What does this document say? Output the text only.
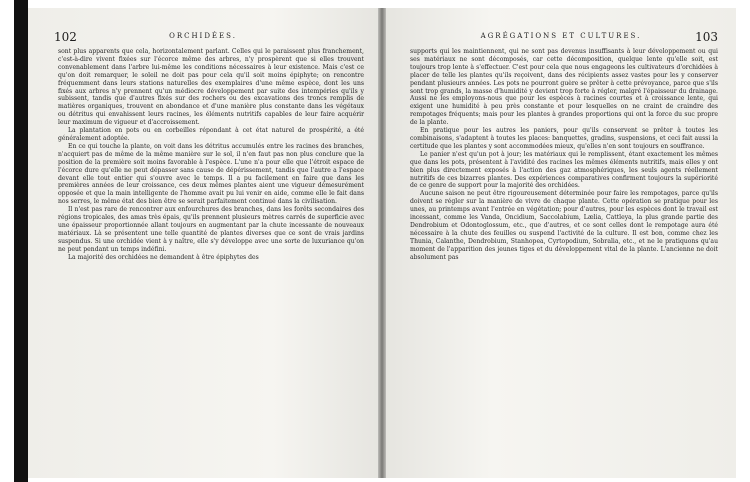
102	ORCHIDÉES.

sont plus apparents que cela, horizontalement parlant. Celles qui le paraissent plus franchement, c'est-à-dire vivent fixées sur l'écorce même des arbres, n'y prospèrent que si elles trouvent convenablement dans l'arbre lui-même les conditions nécessaires à leur existence. Mais c'est ce qu'on doit remarquer, le soleil ne doit pas pour cela qu'il soit moins épiphyte; on rencontre fréquemment dans leurs stations naturelles des exemplaires d'une même espèce, dont les uns fixés aux arbres n'y prennent qu'un médiocre développement par suite des intempéries qu'ils y subissent, tandis que d'autres fixés sur des rochers ou des excavations des troncs remplis de matières organiques, trouvent en abondance et d'une manière plus constante dans les végétaux ou détritus qui envahissent leurs racines, les éléments nutritifs capables de leur faire acquérir leur maximum de vigueur et d'accroissement.

La plantation en pots ou en corbeilles répondant à cet état naturel de prospérité, a été généralement adoptée.

En ce qui touche la plante, on voit dans les détritus accumulés entre les racines des branches, n'acquiert pas de même de la même manière sur le sol, il n'en faut pas non plus conclure que la position de la première soit moins favorable à l'espèce. L'une n'a pour elle que l'étroit espace de l'écorce dure qu'elle ne peut dépasser sans cause de dépérissement, tandis que l'autre a l'espace devant elle tout entier qui s'ouvre avec le temps. Il a pu facilement en faire que dans les premières années de leur croissance, ces deux mêmes plantes aient une vigueur démesurément opposée et que la main intelligente de l'homme avait pu lui venir en aide, comme elle le fait dans nos serres, le même état des bien être se serait parfaitement continué dans la civilisation.

Il n'est pas rare de rencontrer aux enfourchures des branches, dans les forêts secondaires des régions tropicales, des amas très épais, qu'ils prennent plusieurs mètres carrés de superficie avec une épaisseur proportionnée allant toujours en augmentant par la chute incessante de nouveaux matériaux. Là se présentent une telle quantité de plantes diverses que ce sont de vrais jardins suspendus. Si une orchidée vient à y naître, elle s'y développe avec une sorte de luxuriance qu'on ne peut pendant un temps indéfini.

La majorité des orchidées ne demandent à être épiphytes des

AGRÉGATIONS ET CULTURES.	103

supports qui les maintiennent, qui ne sont pas devenus insuffisants à leur développement ou qui ses matériaux ne sont décomposés, car cette décomposition, quelque lente qu'elle soit, est toujours trop lente à s'effectuer. C'est pour cela que nous engageons les cultivateurs d'orchidées à placer de telle les plantes qu'ils reçoivent, dans des récipients assez vastes pour les y conserver pendant plusieurs années. Les pots ne pourront guère se prêter à cette prévoyance, parce que s'ils sont trop grands, la masse d'humidité y devient trop forte à régler, malgré l'épaisseur du drainage. Aussi ne les employons-nous que pour les espèces à racines courtes et à croissance lente, qui exigent une humidité à peu près constante et pour lesquelles on ne craint de craindre des rempotages fréquents; mais pour les plantes à grandes proportions qui ont la force du suc propre de la plante.

En pratique pour les autres les paniers, pour qu'ils conservent se prêter à toutes les combinaisons, s'adaptent à toutes les places: banquettes, gradins, suspensions, et ceci fait aussi la certitude que les plantes y sont accommodées mieux, qu'elles n'en sont toujours en souffrance.

Le panier n'est qu'un pot à jour; les matériaux qui le remplissent, étant exactement les mêmes que dans les pots, présentent à l'avidité des racines les mêmes éléments nutritifs, mais elles y ont bien plus directement exposés à l'action des gaz atmosphériques, les seuls agents réellement nutritifs de ces bizarres plantes. Des expériences comparatives confirment toujours la supériorité de ce genre de support pour la majorité des orchidées.

Aucune saison ne peut être rigoureusement déterminée pour faire les rempotages, parce qu'ils doivent se régler sur la manière de vivre de chaque plante. Cette opération se pratique pour les unes, au printemps avant l'entrée en végétation; pour d'autres, pour les espèces dont le travail est incessant, comme les Vanda, Oncidium, Saccolabium, Lælia, Cattleya, la plus grande partie des Dendrobium et Odontoglossum, etc., que d'autres, et ce sont celles dont le rempotage aura été nécessaire à la chute des feuilles ou suspend l'activité de la culture. Il est bon, comme chez les Thunia, Calanthe, Dendrobium, Stanhopea, Cyrtopodium, Sobralia, etc., et ne le pratiquons qu'au moment de l'apparition des jeunes tiges et du développement vital de la plante. L'ancienne ne doit absolument pas
